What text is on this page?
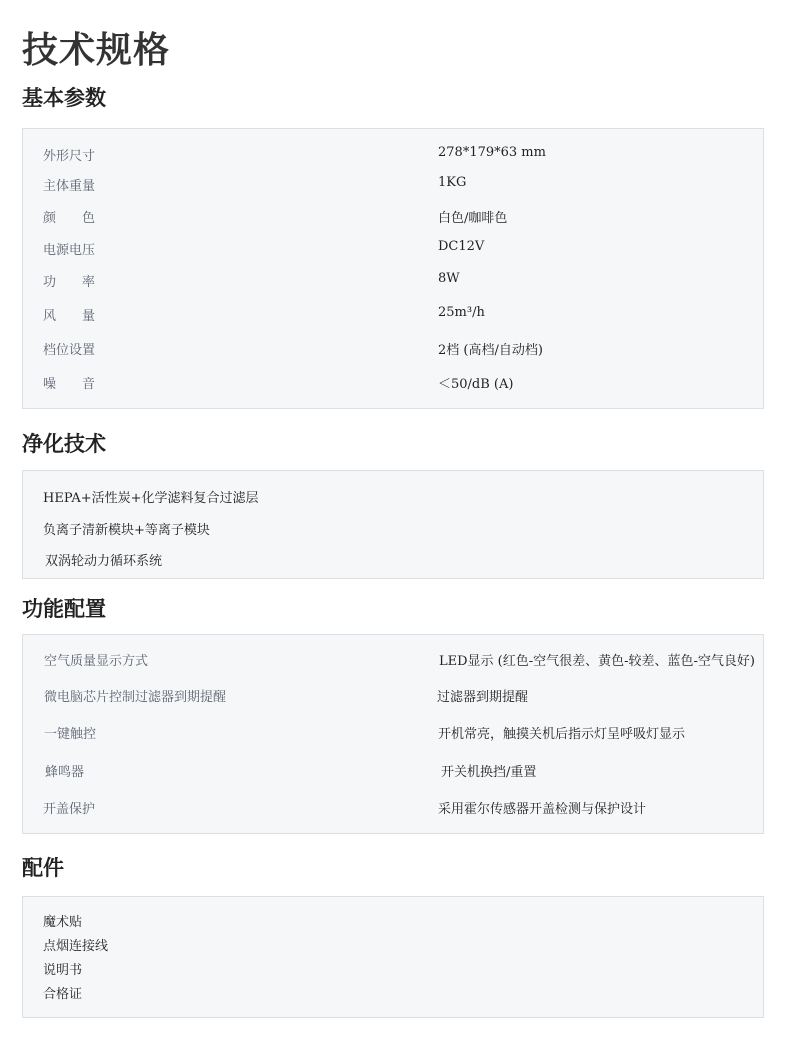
技术规格
基本参数
外形尺寸	278*179*63 mm
主体重量	1KG
颜　　色	白色/咖啡色
电源电压	DC12V
功　　率	8W
风　　量	25m³/h
档位设置	2档 (高档/自动档)
噪　　音	＜50/dB (A)
净化技术
HEPA+活性炭+化学滤料复合过滤层
负离子清新模块+等离子模块
双涡轮动力循环系统
功能配置
空气质量显示方式	LED显示 (红色-空气很差、黄色-较差、蓝色-空气良好)
微电脑芯片控制过滤器到期提醒	过滤器到期提醒
一键触控	开机常亮，触摸关机后指示灯呈呼吸灯显示
蜂鸣器	开关机换挡/重置
开盖保护	采用霍尔传感器开盖检测与保护设计
配件
魔术贴
点烟连接线
说明书
合格证
